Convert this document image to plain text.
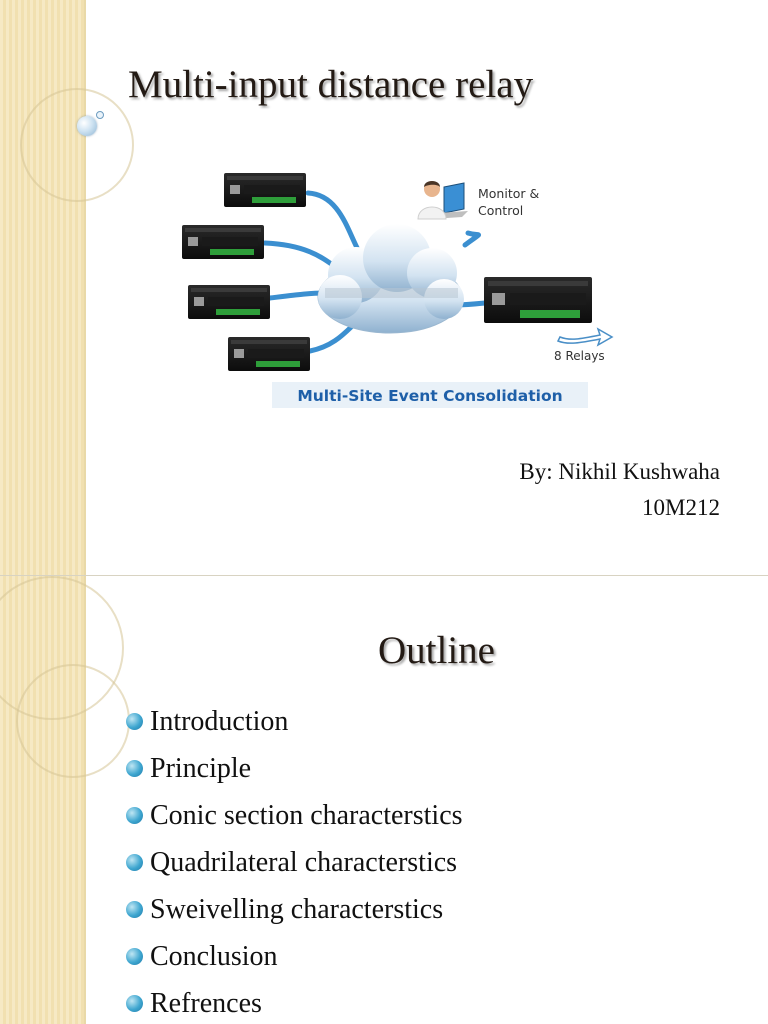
Multi-input distance relay
Monitor &
Control
8 Relays
Multi-Site Event Consolidation
By: Nikhil Kushwaha
10M212
Outline
Introduction
Principle
Conic section characterstics
Quadrilateral characterstics
Sweivelling characterstics
Conclusion
Refrences
